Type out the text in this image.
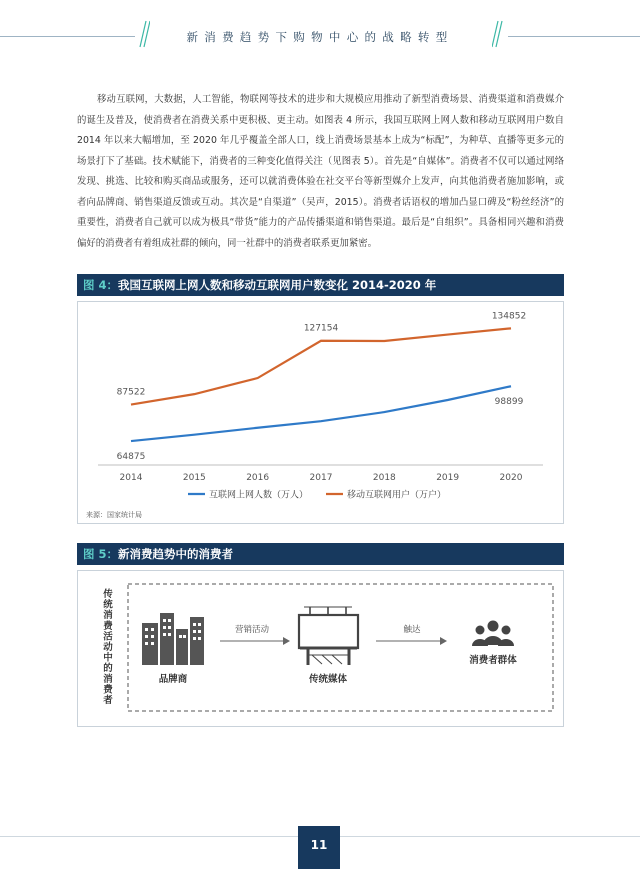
新消费趋势下购物中心的战略转型

移动互联网，大数据，人工智能，物联网等技术的进步和大规模应用推动了新型消费场景、消费渠道和消费媒介的诞生及普及，使消费者在消费关系中更积极、更主动。如图表 4 所示，我国互联网上网人数和移动互联网用户数自 2014 年以来大幅增加，至 2020 年几乎覆盖全部人口，线上消费场景基本上成为“标配”，为种草、直播等更多元的场景打下了基础。技术赋能下，消费者的三种变化值得关注（见图表 5）。首先是“自媒体”。消费者不仅可以通过网络发现、挑选、比较和购买商品或服务，还可以就消费体验在社交平台等新型媒介上发声，向其他消费者施加影响，或者向品牌商、销售渠道反馈或互动。其次是“自渠道”（吴声，2015）。消费者话语权的增加凸显口碑及“粉丝经济”的重要性，消费者自己就可以成为极具“带货”能力的产品传播渠道和销售渠道。最后是“自组织”。具备相同兴趣和消费偏好的消费者有着组成社群的倾向，同一社群中的消费者联系更加紧密。

图 4：我国互联网上网人数和移动互联网用户数变化 2014-2020 年
2014	2015	2016	2017	2018	2019	2020
64875
98899
87522
127154
134852
互联网上网人数（万人）	移动互联网用户（万户）
来源：国家统计局
图 5：新消费趋势中的消费者
传统消费活动中的消费者
品牌商
营销活动
传统媒体
触达
消费者群体
11
